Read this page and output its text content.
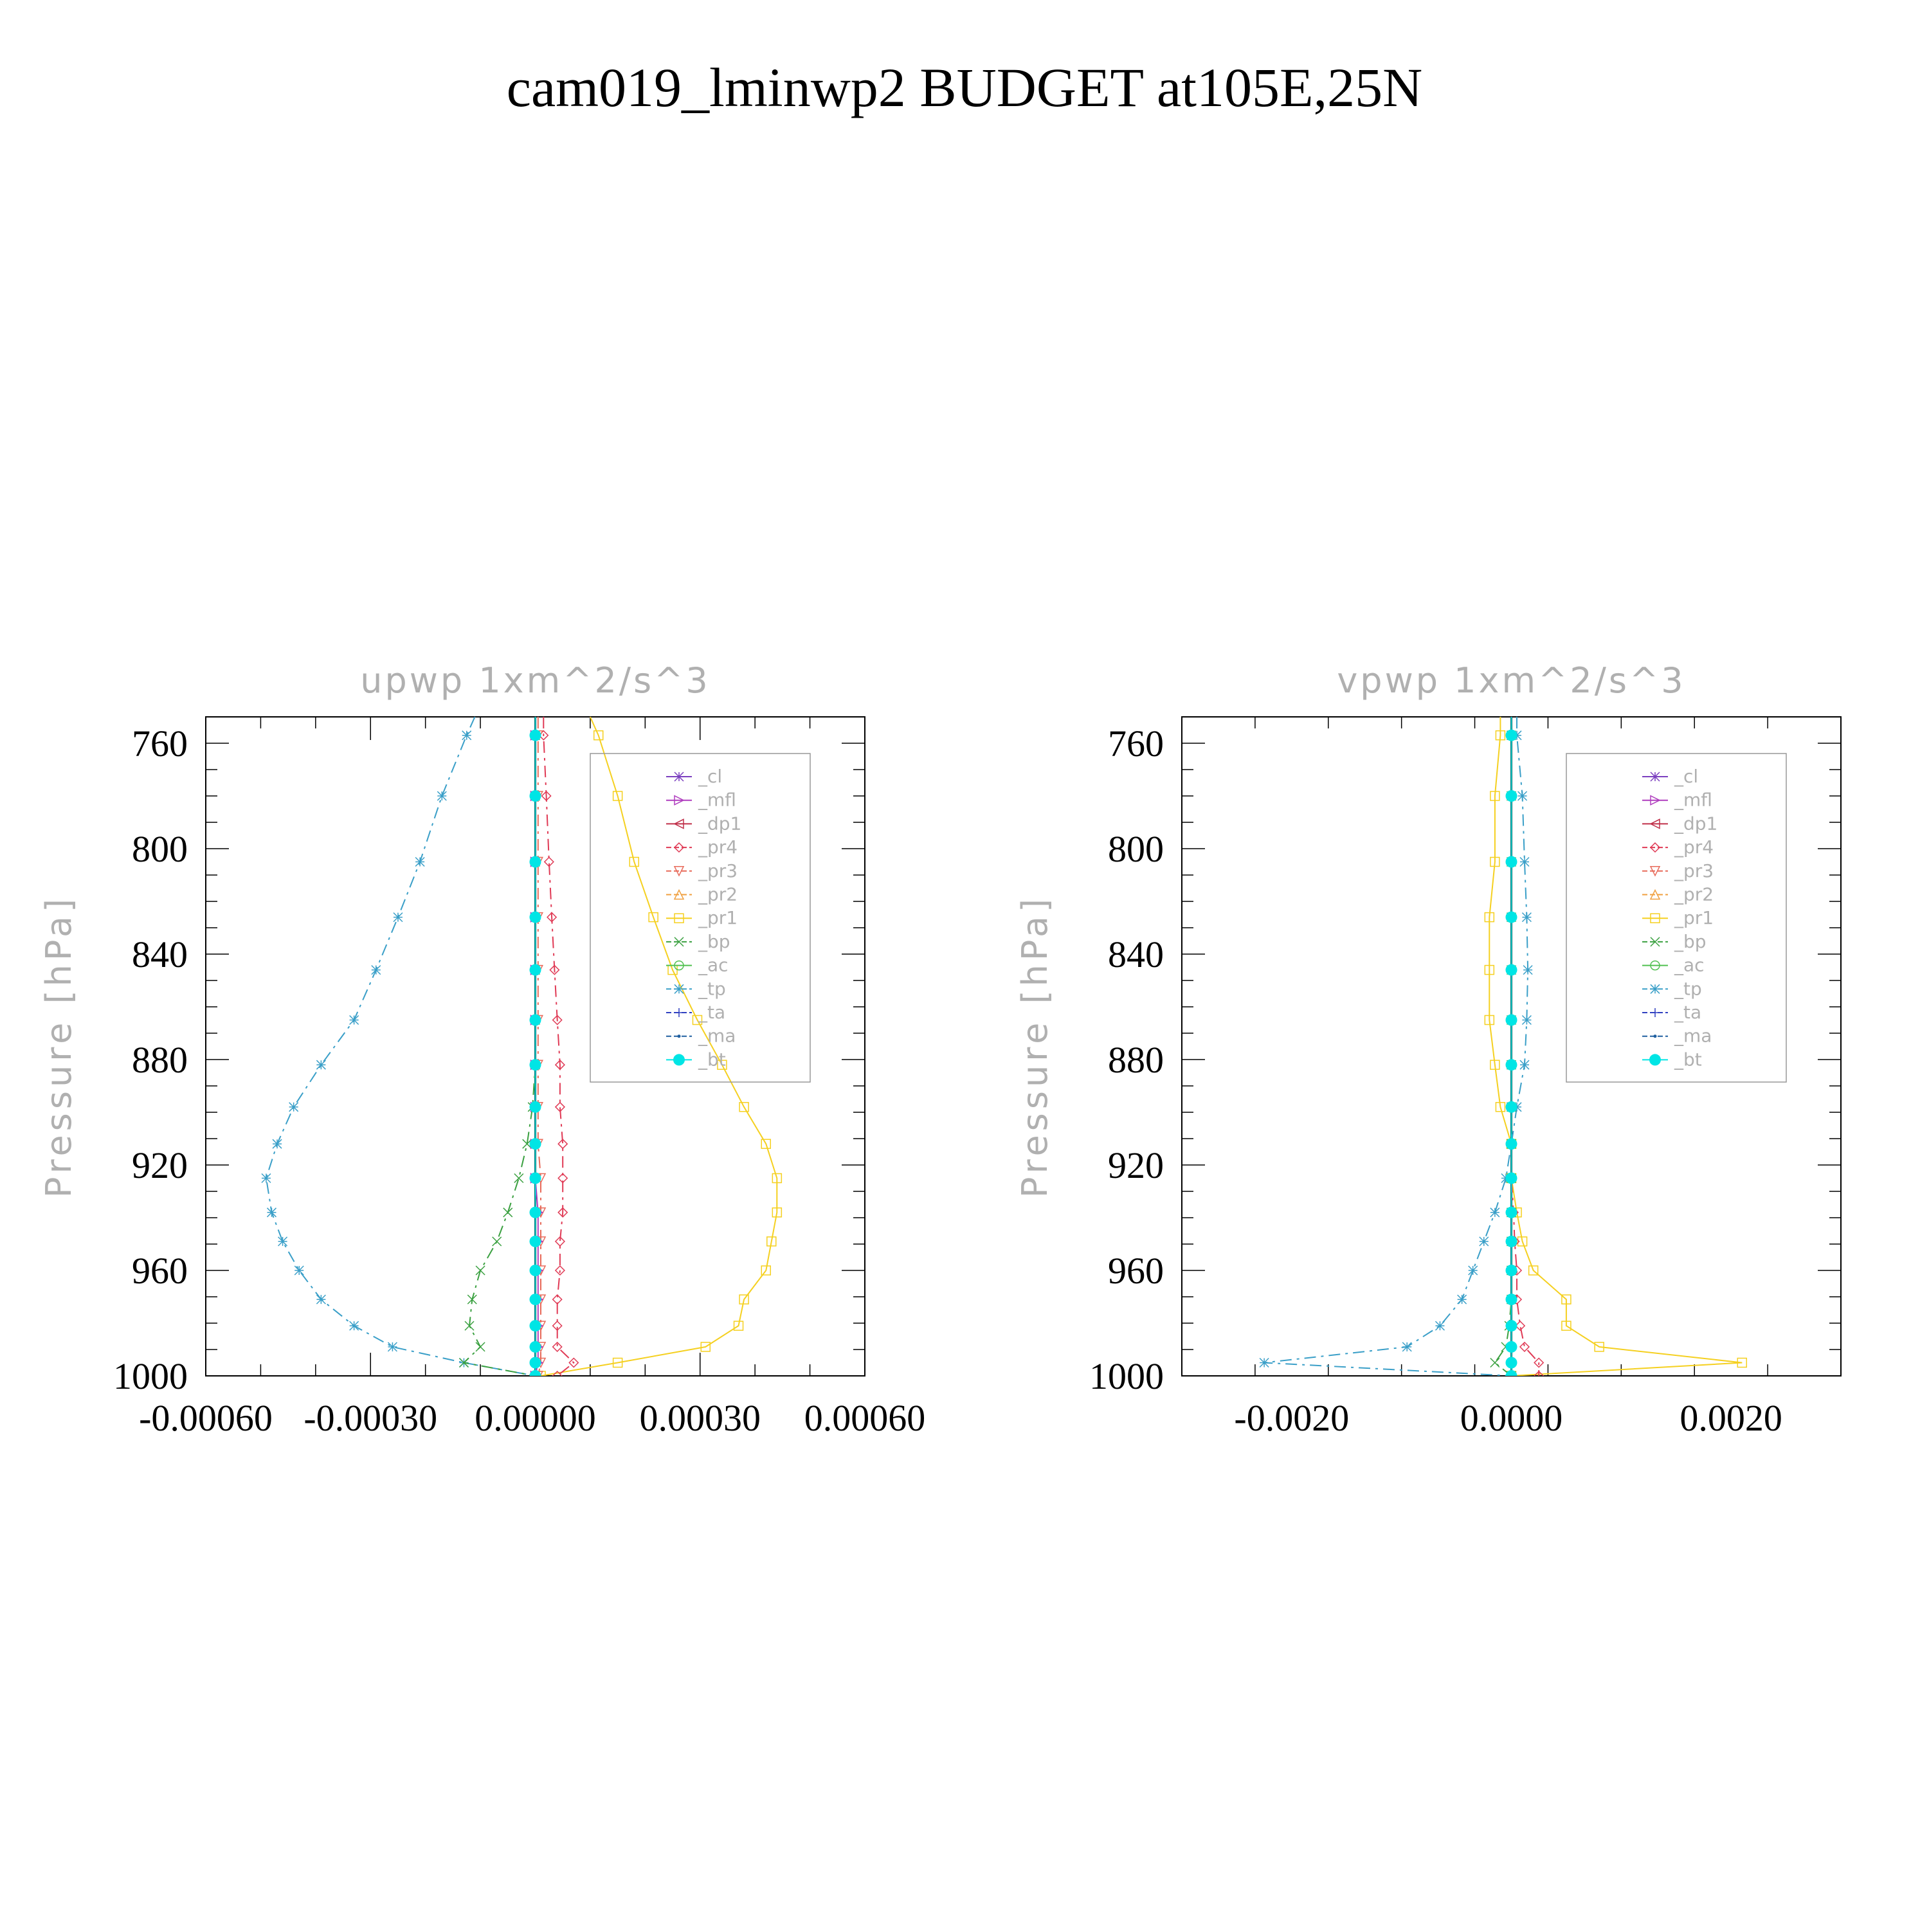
cam019_lminwp2 BUDGET at105E,25N
upwp 1xm^2/s^3
Pressure [hPa]
760
800
840
880
920
960
1000
-0.00060 -0.00030 0.00000 0.00030 0.00060
_cl
_mfl
_dp1
_pr4
_pr3
_pr2
_pr1
_bp
_ac
_tp
_ta
_ma
_bt
vpwp 1xm^2/s^3
Pressure [hPa]
760
800
840
880
920
960
1000
-0.0020	0.0000	0.0020
_cl
_mfl
_dp1
_pr4
_pr3
_pr2
_pr1
_bp
_ac
_tp
_ta
_ma
_bt
